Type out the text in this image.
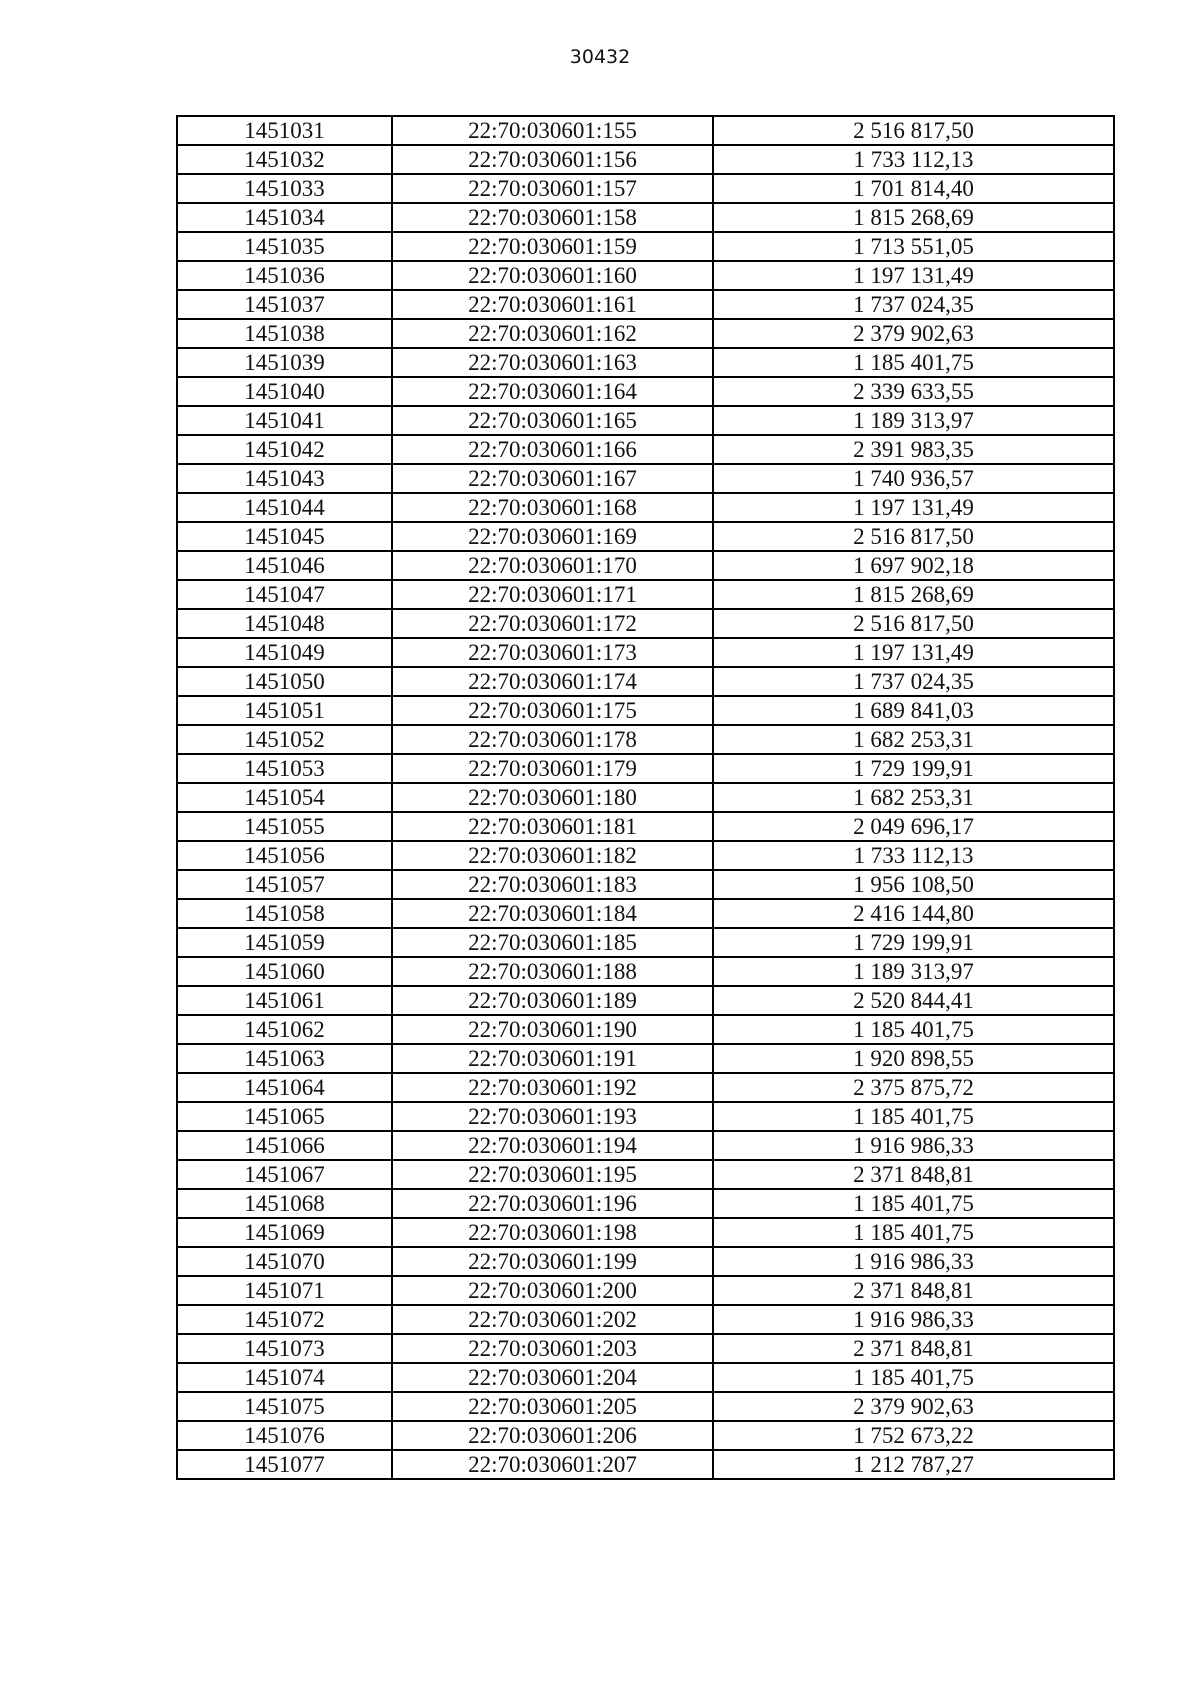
30432
1451031	22:70:030601:155	2 516 817,50
1451032	22:70:030601:156	1 733 112,13
1451033	22:70:030601:157	1 701 814,40
1451034	22:70:030601:158	1 815 268,69
1451035	22:70:030601:159	1 713 551,05
1451036	22:70:030601:160	1 197 131,49
1451037	22:70:030601:161	1 737 024,35
1451038	22:70:030601:162	2 379 902,63
1451039	22:70:030601:163	1 185 401,75
1451040	22:70:030601:164	2 339 633,55
1451041	22:70:030601:165	1 189 313,97
1451042	22:70:030601:166	2 391 983,35
1451043	22:70:030601:167	1 740 936,57
1451044	22:70:030601:168	1 197 131,49
1451045	22:70:030601:169	2 516 817,50
1451046	22:70:030601:170	1 697 902,18
1451047	22:70:030601:171	1 815 268,69
1451048	22:70:030601:172	2 516 817,50
1451049	22:70:030601:173	1 197 131,49
1451050	22:70:030601:174	1 737 024,35
1451051	22:70:030601:175	1 689 841,03
1451052	22:70:030601:178	1 682 253,31
1451053	22:70:030601:179	1 729 199,91
1451054	22:70:030601:180	1 682 253,31
1451055	22:70:030601:181	2 049 696,17
1451056	22:70:030601:182	1 733 112,13
1451057	22:70:030601:183	1 956 108,50
1451058	22:70:030601:184	2 416 144,80
1451059	22:70:030601:185	1 729 199,91
1451060	22:70:030601:188	1 189 313,97
1451061	22:70:030601:189	2 520 844,41
1451062	22:70:030601:190	1 185 401,75
1451063	22:70:030601:191	1 920 898,55
1451064	22:70:030601:192	2 375 875,72
1451065	22:70:030601:193	1 185 401,75
1451066	22:70:030601:194	1 916 986,33
1451067	22:70:030601:195	2 371 848,81
1451068	22:70:030601:196	1 185 401,75
1451069	22:70:030601:198	1 185 401,75
1451070	22:70:030601:199	1 916 986,33
1451071	22:70:030601:200	2 371 848,81
1451072	22:70:030601:202	1 916 986,33
1451073	22:70:030601:203	2 371 848,81
1451074	22:70:030601:204	1 185 401,75
1451075	22:70:030601:205	2 379 902,63
1451076	22:70:030601:206	1 752 673,22
1451077	22:70:030601:207	1 212 787,27
